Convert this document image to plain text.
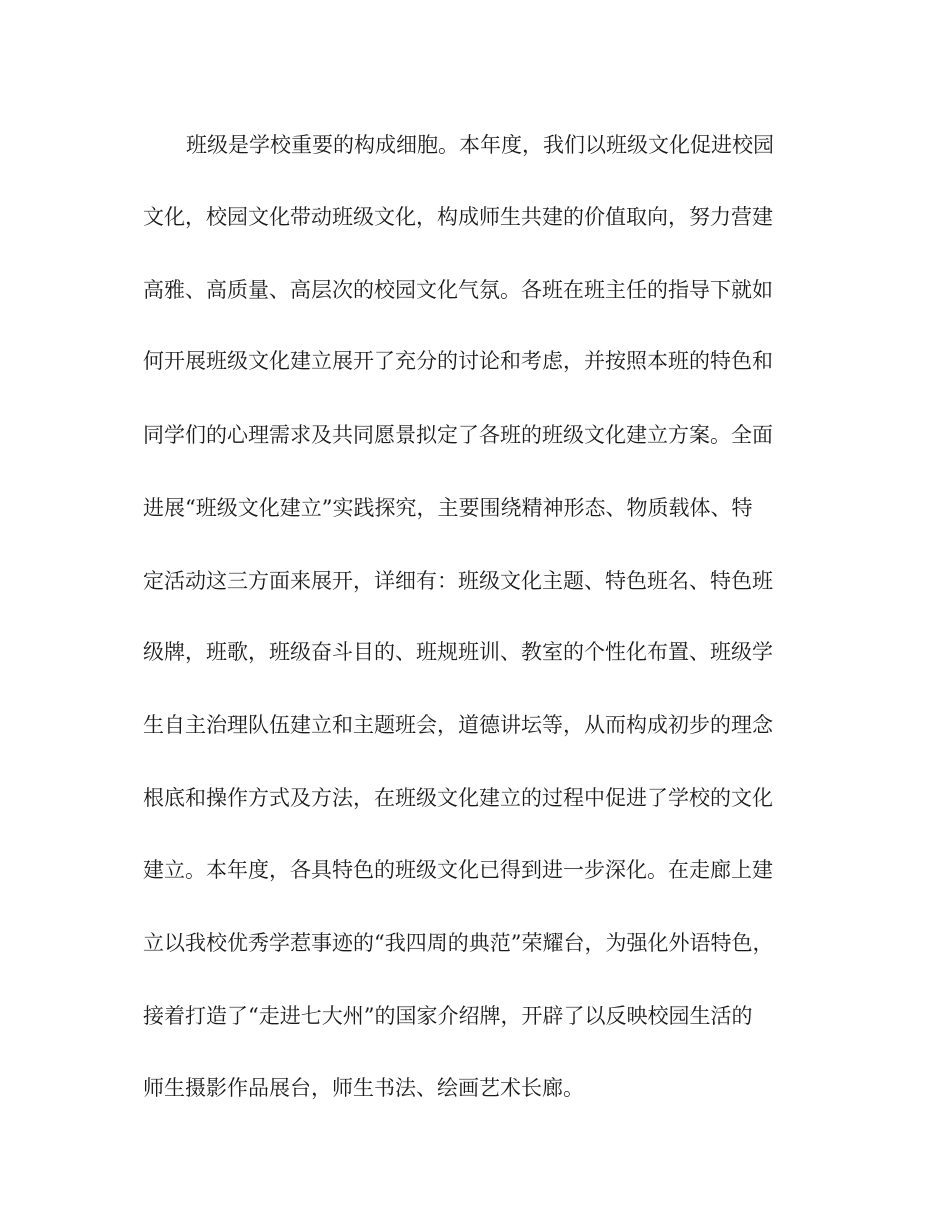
班级是学校重要的构成细胞。本年度，我们以班级文化促进校园
文化，校园文化带动班级文化，构成师生共建的价值取向，努力营建
高雅、高质量、高层次的校园文化气氛。各班在班主任的指导下就如
何开展班级文化建立展开了充分的讨论和考虑，并按照本班的特色和
同学们的心理需求及共同愿景拟定了各班的班级文化建立方案。全面
进展“班级文化建立”实践探究，主要围绕精神形态、物质载体、特
定活动这三方面来展开，详细有：班级文化主题、特色班名、特色班
级牌，班歌，班级奋斗目的、班规班训、教室的个性化布置、班级学
生自主治理队伍建立和主题班会，道德讲坛等，从而构成初步的理念
根底和操作方式及方法，在班级文化建立的过程中促进了学校的文化
建立。本年度，各具特色的班级文化已得到进一步深化。在走廊上建
立以我校优秀学惹事迹的“我四周的典范”荣耀台，为强化外语特色，
接着打造了“走进七大州”的国家介绍牌，开辟了以反映校园生活的
师生摄影作品展台，师生书法、绘画艺术长廊。
